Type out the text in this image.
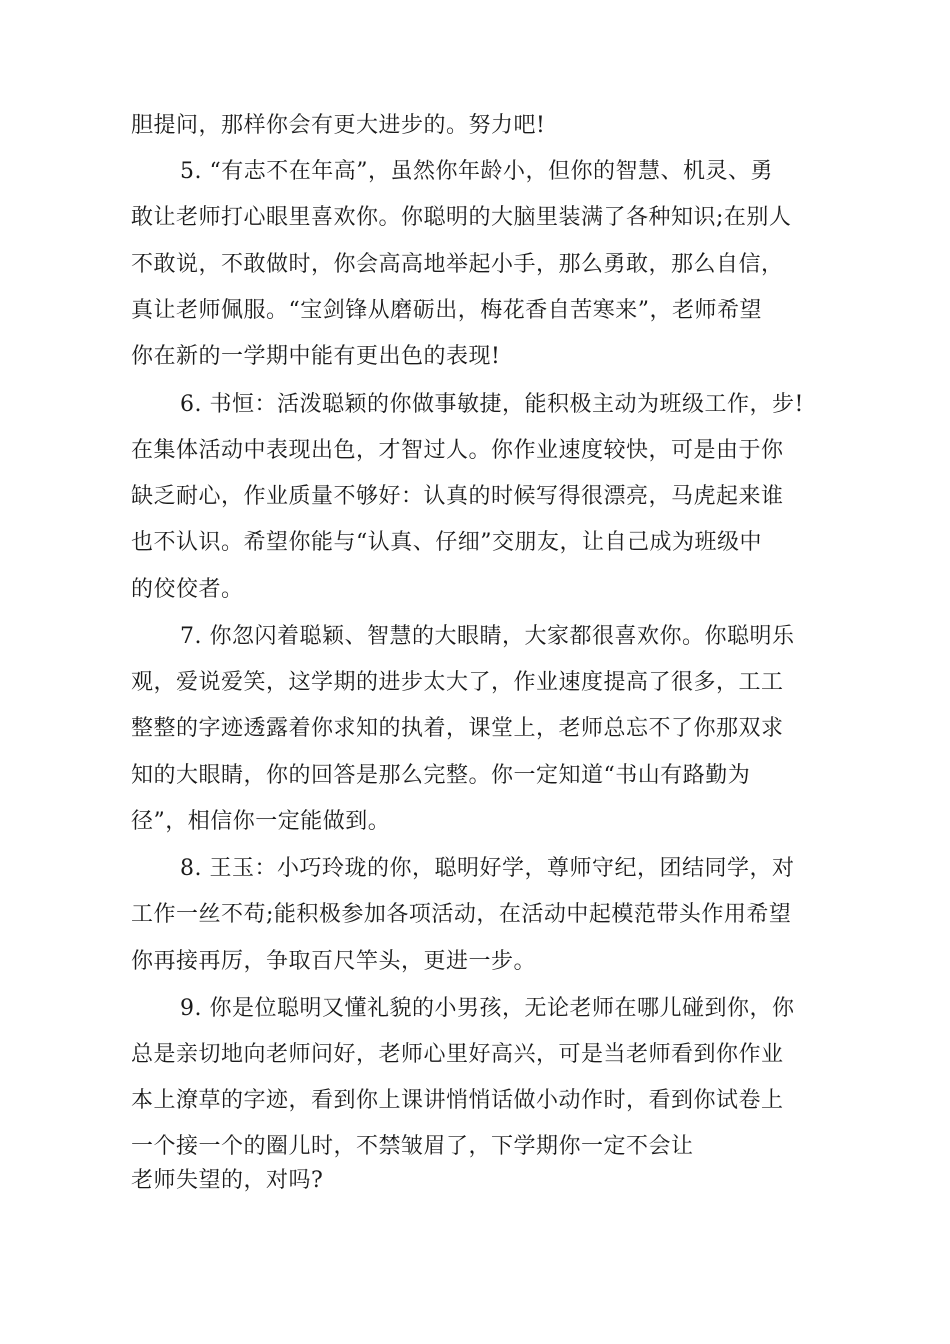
胆提问，那样你会有更大进步的。努力吧!
5. “有志不在年高”，虽然你年龄小，但你的智慧、机灵、勇
敢让老师打心眼里喜欢你。你聪明的大脑里装满了各种知识;在别人
不敢说，不敢做时，你会高高地举起小手，那么勇敢，那么自信，
真让老师佩服。“宝剑锋从磨砺出，梅花香自苦寒来”，老师希望
你在新的一学期中能有更出色的表现!
6. 书恒：活泼聪颖的你做事敏捷，能积极主动为班级工作，步!
在集体活动中表现出色，才智过人。你作业速度较快，可是由于你
缺乏耐心，作业质量不够好：认真的时候写得很漂亮，马虎起来谁
也不认识。希望你能与“认真、仔细”交朋友，让自己成为班级中
的佼佼者。
7. 你忽闪着聪颖、智慧的大眼睛，大家都很喜欢你。你聪明乐
观，爱说爱笑，这学期的进步太大了，作业速度提高了很多，工工
整整的字迹透露着你求知的执着，课堂上，老师总忘不了你那双求
知的大眼睛，你的回答是那么完整。你一定知道“书山有路勤为
径”，相信你一定能做到。
8. 王玉：小巧玲珑的你，聪明好学，尊师守纪，团结同学，对
工作一丝不苟;能积极参加各项活动，在活动中起模范带头作用希望
你再接再厉，争取百尺竿头，更进一步。
9. 你是位聪明又懂礼貌的小男孩，无论老师在哪儿碰到你，你
总是亲切地向老师问好，老师心里好高兴，可是当老师看到你作业
本上潦草的字迹，看到你上课讲悄悄话做小动作时，看到你试卷上
一个接一个的圈儿时，不禁皱眉了，下学期你一定不会让
老师失望的，对吗?
